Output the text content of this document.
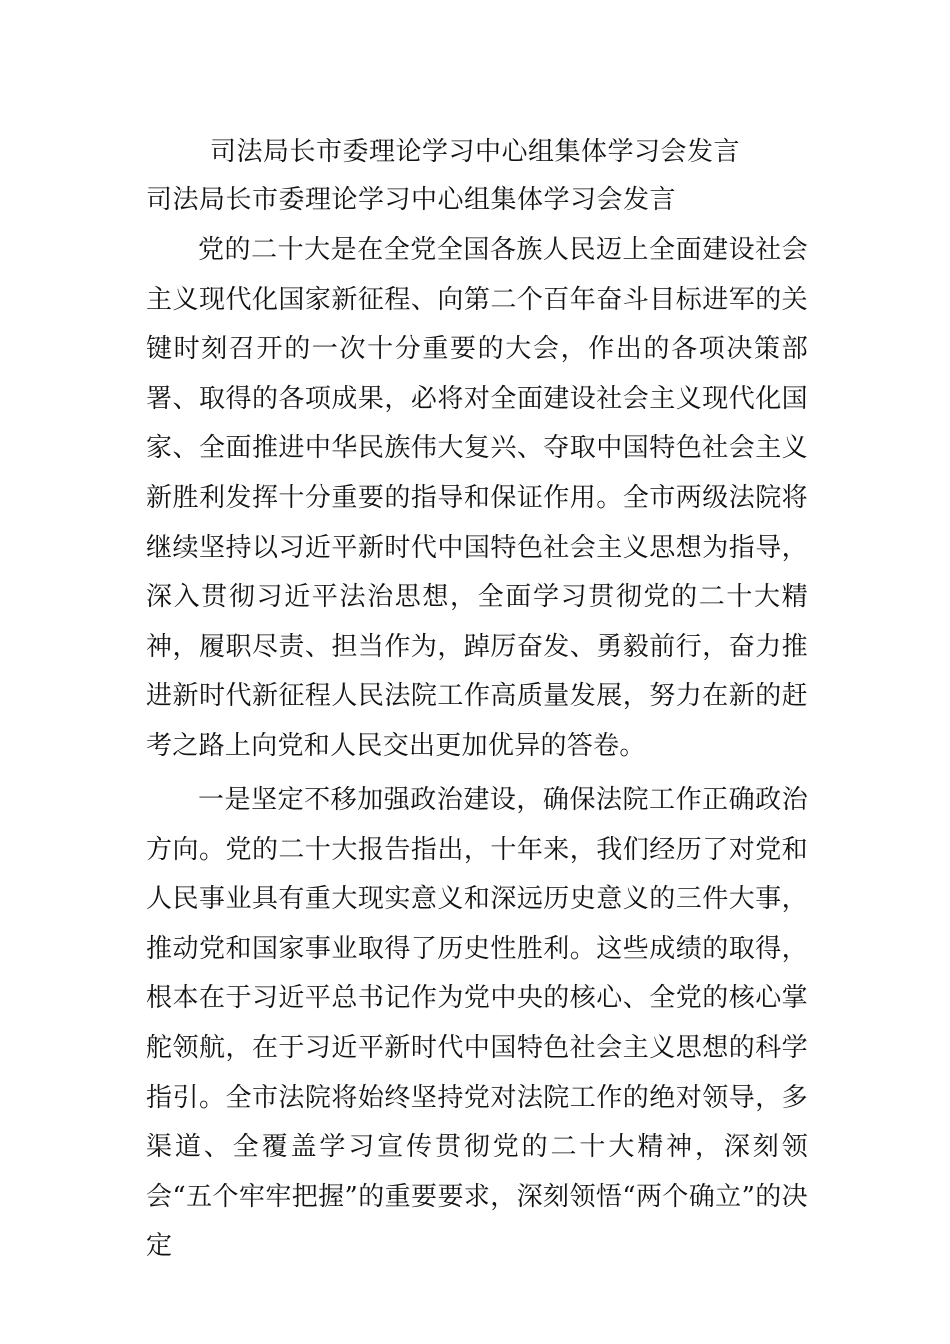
司法局长市委理论学习中心组集体学习会发言
司法局长市委理论学习中心组集体学习会发言

党的二十大是在全党全国各族人民迈上全面建设社会主义现代化国家新征程、向第二个百年奋斗目标进军的关键时刻召开的一次十分重要的大会，作出的各项决策部署、取得的各项成果，必将对全面建设社会主义现代化国家、全面推进中华民族伟大复兴、夺取中国特色社会主义新胜利发挥十分重要的指导和保证作用。全市两级法院将继续坚持以习近平新时代中国特色社会主义思想为指导，深入贯彻习近平法治思想，全面学习贯彻党的二十大精神，履职尽责、担当作为，踔厉奋发、勇毅前行，奋力推进新时代新征程人民法院工作高质量发展，努力在新的赶考之路上向党和人民交出更加优异的答卷。

一是坚定不移加强政治建设，确保法院工作正确政治方向。党的二十大报告指出，十年来，我们经历了对党和人民事业具有重大现实意义和深远历史意义的三件大事，推动党和国家事业取得了历史性胜利。这些成绩的取得，根本在于习近平总书记作为党中央的核心、全党的核心掌舵领航，在于习近平新时代中国特色社会主义思想的科学指引。全市法院将始终坚持党对法院工作的绝对领导，多渠道、全覆盖学习宣传贯彻党的二十大精神，深刻领会“五个牢牢把握”的重要要求，深刻领悟“两个确立”的决定
